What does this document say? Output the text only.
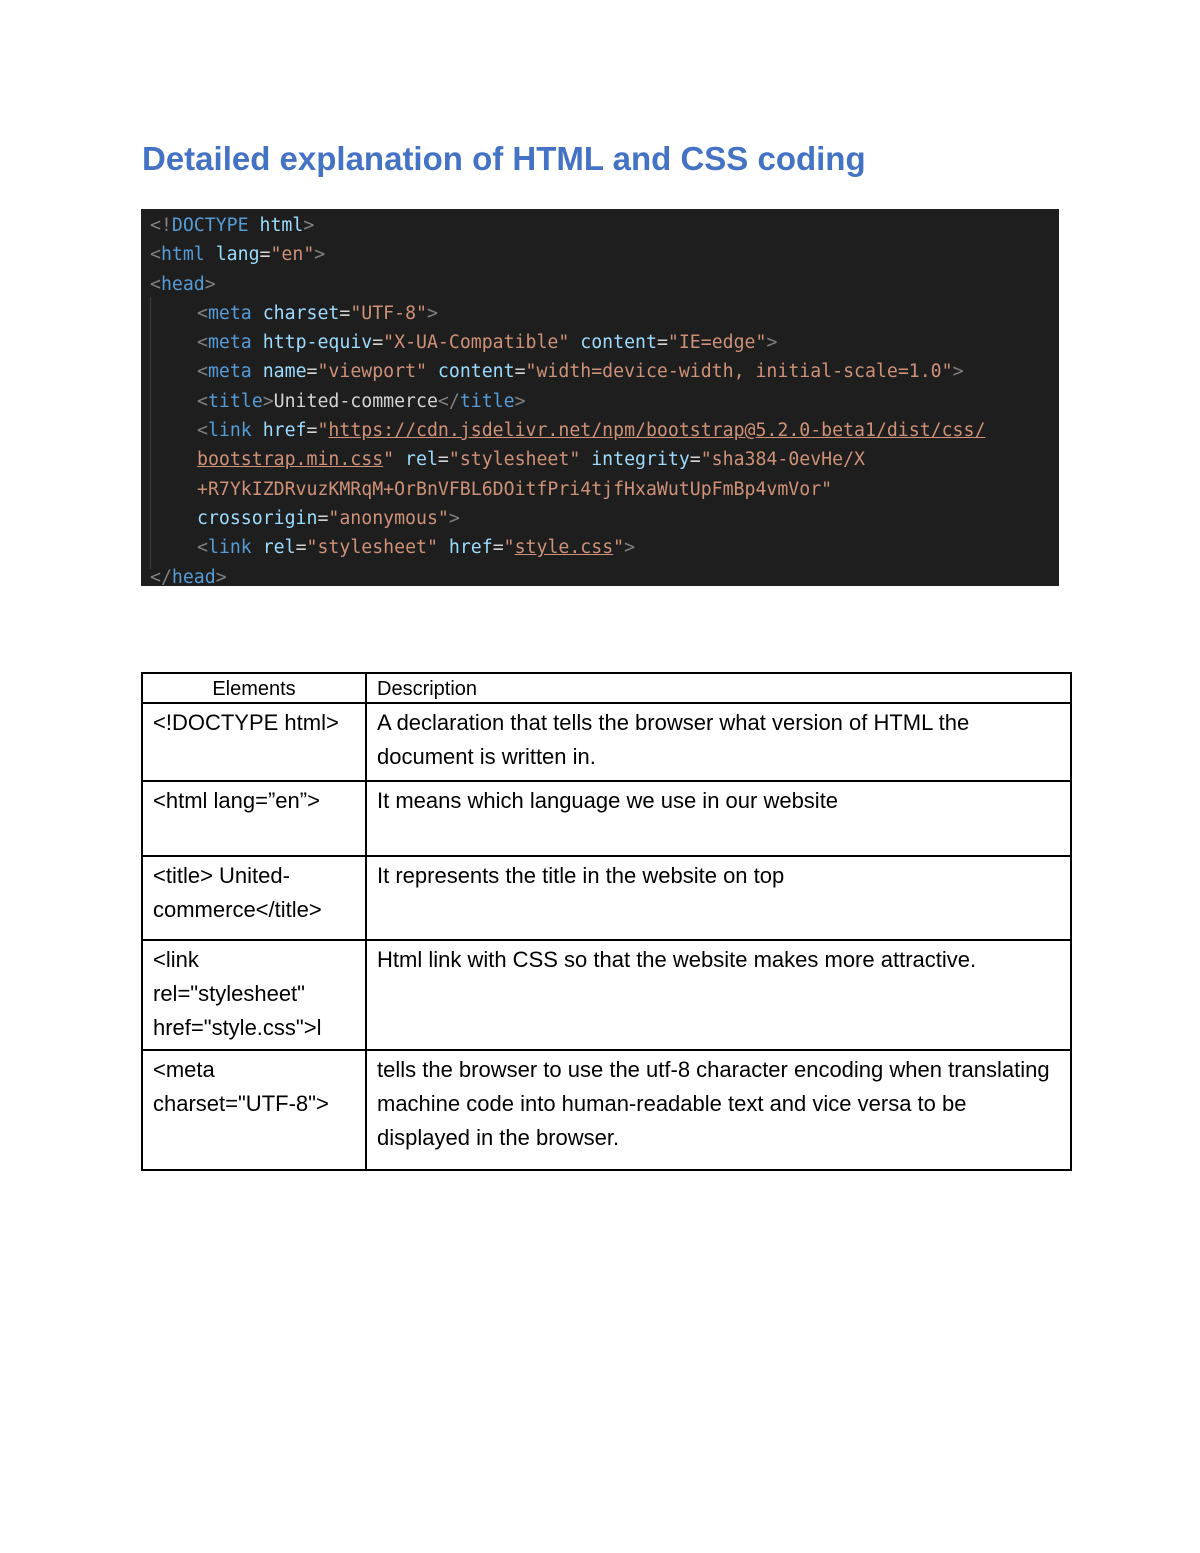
Detailed explanation of HTML and CSS coding
<!DOCTYPE html>
<html lang="en">
<head>
<meta charset="UTF-8">
<meta http-equiv="X-UA-Compatible" content="IE=edge">
<meta name="viewport" content="width=device-width, initial-scale=1.0">
<title>United-commerce</title>
<link href="https://cdn.jsdelivr.net/npm/bootstrap@5.2.0-beta1/dist/css/
bootstrap.min.css" rel="stylesheet" integrity="sha384-0evHe/X
+R7YkIZDRvuzKMRqM+OrBnVFBL6DOitfPri4tjfHxaWutUpFmBp4vmVor"
crossorigin="anonymous">
<link rel="stylesheet" href="style.css">
</head>
Elements	Description
<!DOCTYPE html>	A declaration that tells the browser what version of HTML the document is written in.
<html lang=”en”>	It means which language we use in our website
<title> United-commerce</title>	It represents the title in the website on top
<link rel="stylesheet" href="style.css">l	Html link with CSS so that the website makes more attractive.
<meta charset="UTF-8">	tells the browser to use the utf-8 character encoding when translating machine code into human-readable text and vice versa to be displayed in the browser.
